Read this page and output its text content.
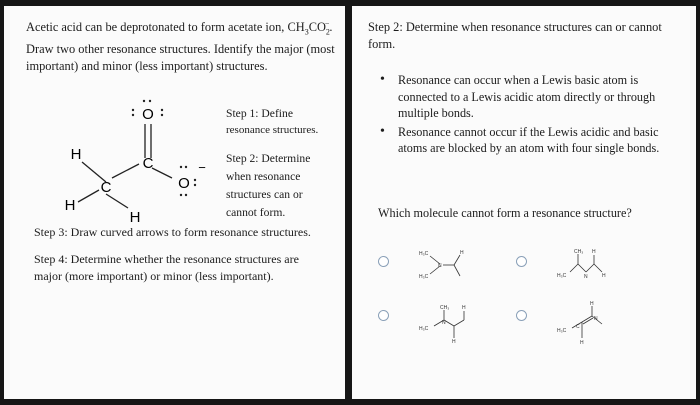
Acetic acid can be deprotonated to form acetate ion, $CH_3CO_2^-$. Draw two other resonance structures. Identify the major (most important) and minor (less important) structures.

O
C
O
−
C
H
H
H
Step 1: Define
resonance structures.
Step 2: Determine
when resonance
structures can or
cannot form.

Step 3: Draw curved arrows to form resonance structures.

Step 4: Determine whether the resonance structures are major (more important) or minor (less important).

Step 2: Determine when resonance structures can or cannot form.

• Resonance can occur when a Lewis basic atom is connected to a Lewis acidic atom directly or through multiple bonds.
• Resonance cannot occur if the Lewis acidic and basic atoms are blocked by an atom with four single bonds.

Which molecule cannot form a resonance structure?

H₃C
N
H
H₃C
CH₃ H
H₃C	N	H
CH₃	H
H₃C
N
H
H
N
H₃C
C
H
